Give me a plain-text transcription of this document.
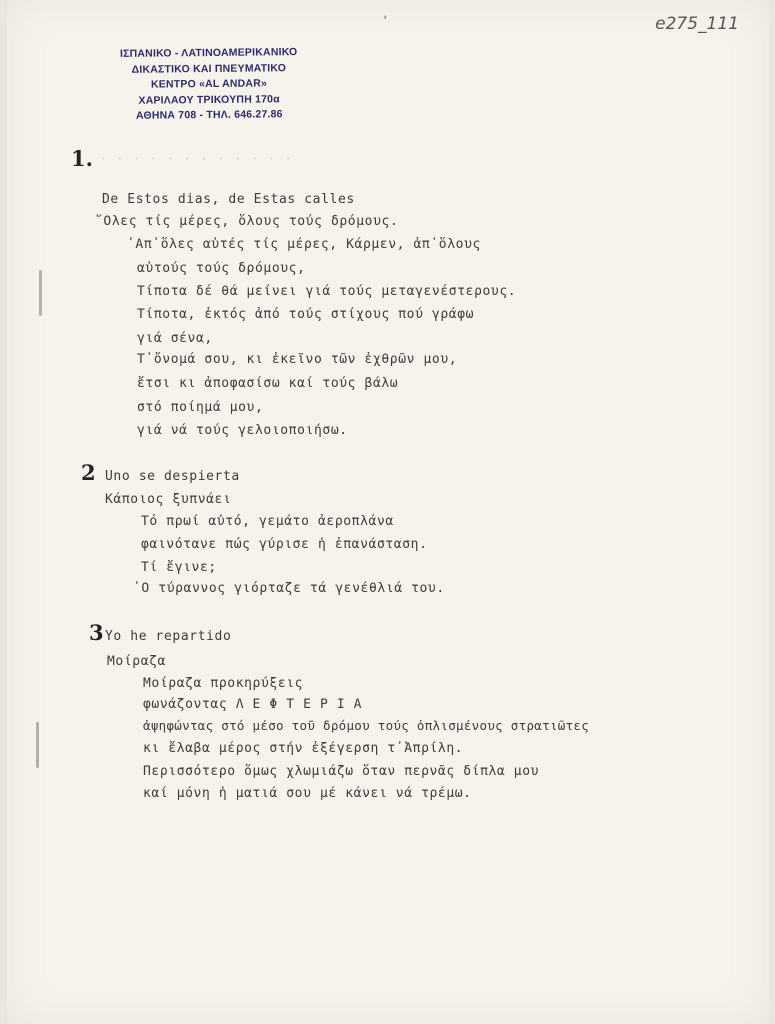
ʼ	e275_111
ΙΣΠΑΝΙΚΟ - ΛΑΤΙΝΟΑΜΕΡΙΚΑΝΙΚΟ
ΔΙΚΑΣΤΙΚΟ ΚΑΙ ΠΝΕΥΜΑΤΙΚΟ
ΚΕΝΤΡΟ «AL ANDAR»
ΧΑΡΙΛΑΟΥ ΤΡΙΚΟΥΠΗ 170α
ΑΘΗΝΑ 708 - ΤΗΛ. 646.27.86
· · · · · · · · · · · ·
1.
De Estos dias, de Estas calles
῞Ολες τίς μέρες, ὅλους τούς δρόμους.
῾Απ᾿ὅλες αὐτές τίς μέρες, Κάρμεν, ἀπ᾿ὅλους
αὐτούς τούς δρόμους,
Τίποτα δέ θά μείνει γιά τούς μεταγενέστερους.
Τίποτα, ἐκτός ἀπό τούς στίχους πού γράφω
γιά σένα,
Τ᾿ὄνομά σου, κι ἐκεῖνο τῶν ἐχθρῶν μου,
ἔτσι κι ἀποφασίσω καί τούς βάλω
στό ποίημά μου,
γιά νά τούς γελοιοποιήσω.
2 Uno se despierta
Κάποιος ξυπνάει
Τό πρωί αὐτό, γεμάτο ἀεροπλάνα
φαινότανε πώς γύρισε ἡ ἐπανάσταση.
Τί ἔγινε;
῾Ο τύραννος γιόρταζε τά γενέθλιά του.
3 Yo he repartido
Μοίραζα
Μοίραζα προκηρύξεις
φωνάζοντας Λ Ε Φ Τ Ε Ρ Ι Α
ἀψηφώντας στό μέσο τοῦ δρόμου τούς ὁπλισμένους στρατιῶτες
κι ἔλαβα μέρος στήν ἐξέγερση τ᾿Ἀπρίλη.
Περισσότερο ὅμως χλωμιάζω ὅταν περνᾶς δίπλα μου
καί μόνη ἡ ματιά σου μέ κάνει νά τρέμω.
